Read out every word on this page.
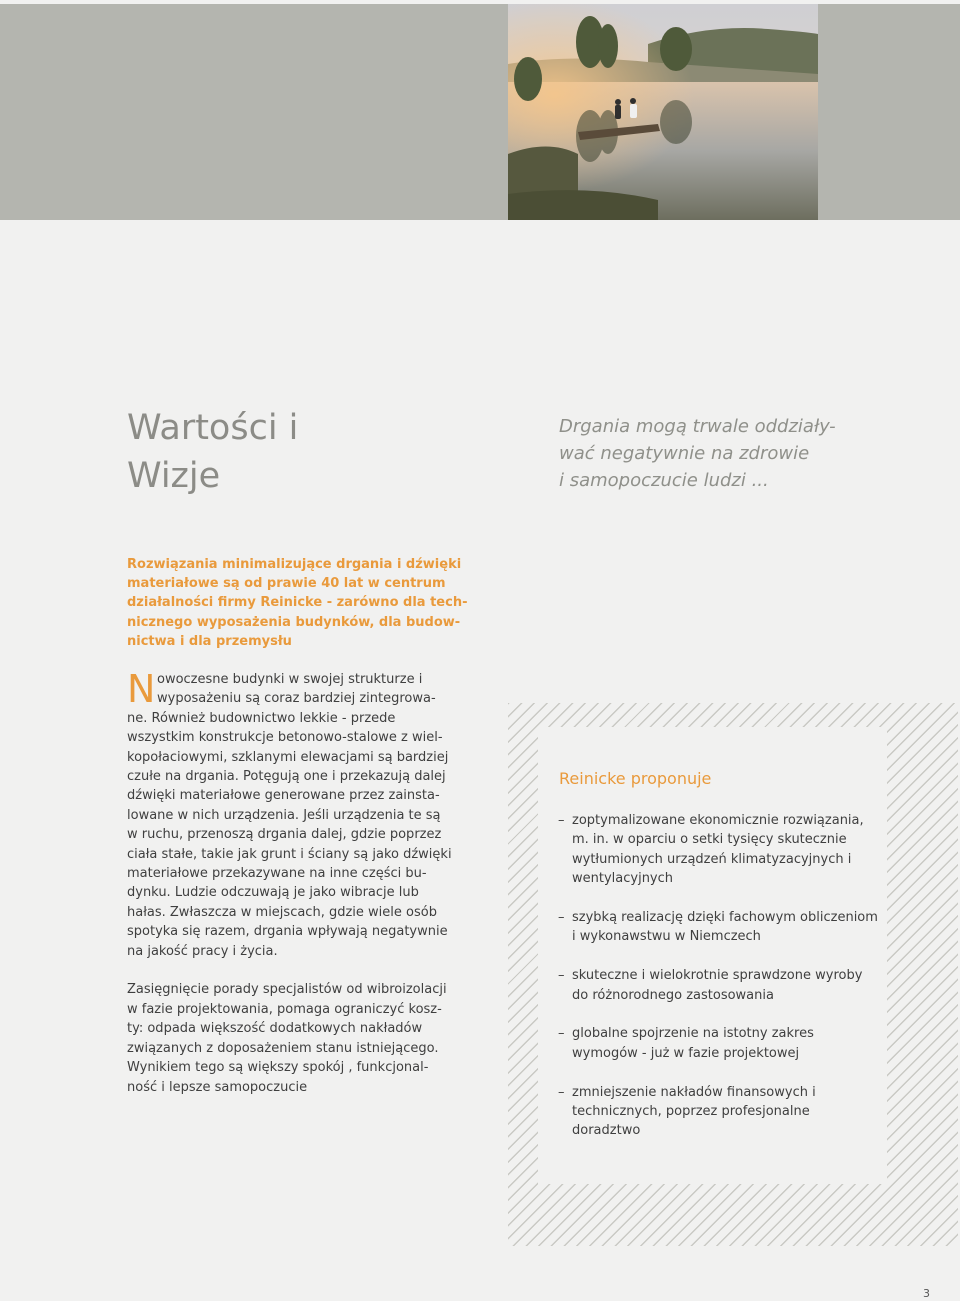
Wartości i
Wizje

Drgania mogą trwale oddziały-
wać negatywnie na zdrowie
i samopoczucie ludzi ...

Rozwiązania minimalizujące drgania i dźwięki
materiałowe są od prawie 40 lat w centrum
działalności firmy Reinicke - zarówno dla tech-
nicznego wyposażenia budynków, dla budow-
nictwa i dla przemysłu

N owoczesne budynki w swojej strukturze i
wyposażeniu są coraz bardziej zintegrowa-
ne. Również budownictwo lekkie - przede
wszystkim konstrukcje betonowo-stalowe z wiel-
kopołaciowymi, szklanymi elewacjami są bardziej
czułe na drgania. Potęgują one i przekazują dalej
dźwięki materiałowe generowane przez zainsta-
lowane w nich urządzenia. Jeśli urządzenia te są
w ruchu, przenoszą drgania dalej, gdzie poprzez
ciała stałe, takie jak grunt i ściany są jako dźwięki
materiałowe przekazywane na inne części bu-
dynku. Ludzie odczuwają je jako wibracje lub
hałas. Zwłaszcza w miejscach, gdzie wiele osób
spotyka się razem, drgania wpływają negatywnie
na jakość pracy i życia.
Zasięgnięcie porady specjalistów od wibroizolacji
w fazie projektowania, pomaga ograniczyć kosz-
ty: odpada większość dodatkowych nakładów
związanych z doposażeniem stanu istniejącego.
Wynikiem tego są większy spokój , funkcjonal-
ność i lepsze samopoczucie
Reinicke proponuje
– zoptymalizowane ekonomicznie rozwiązania,
m. in. w oparciu o setki tysięcy skutecznie
wytłumionych urządzeń klimatyzacyjnych i
wentylacyjnych
– szybką realizację dzięki fachowym obliczeniom
i wykonawstwu w Niemczech
– skuteczne i wielokrotnie sprawdzone wyroby
do różnorodnego zastosowania
– globalne spojrzenie na istotny zakres
wymogów - już w fazie projektowej
– zmniejszenie nakładów finansowych i
technicznych, poprzez profesjonalne
doradztwo
3
